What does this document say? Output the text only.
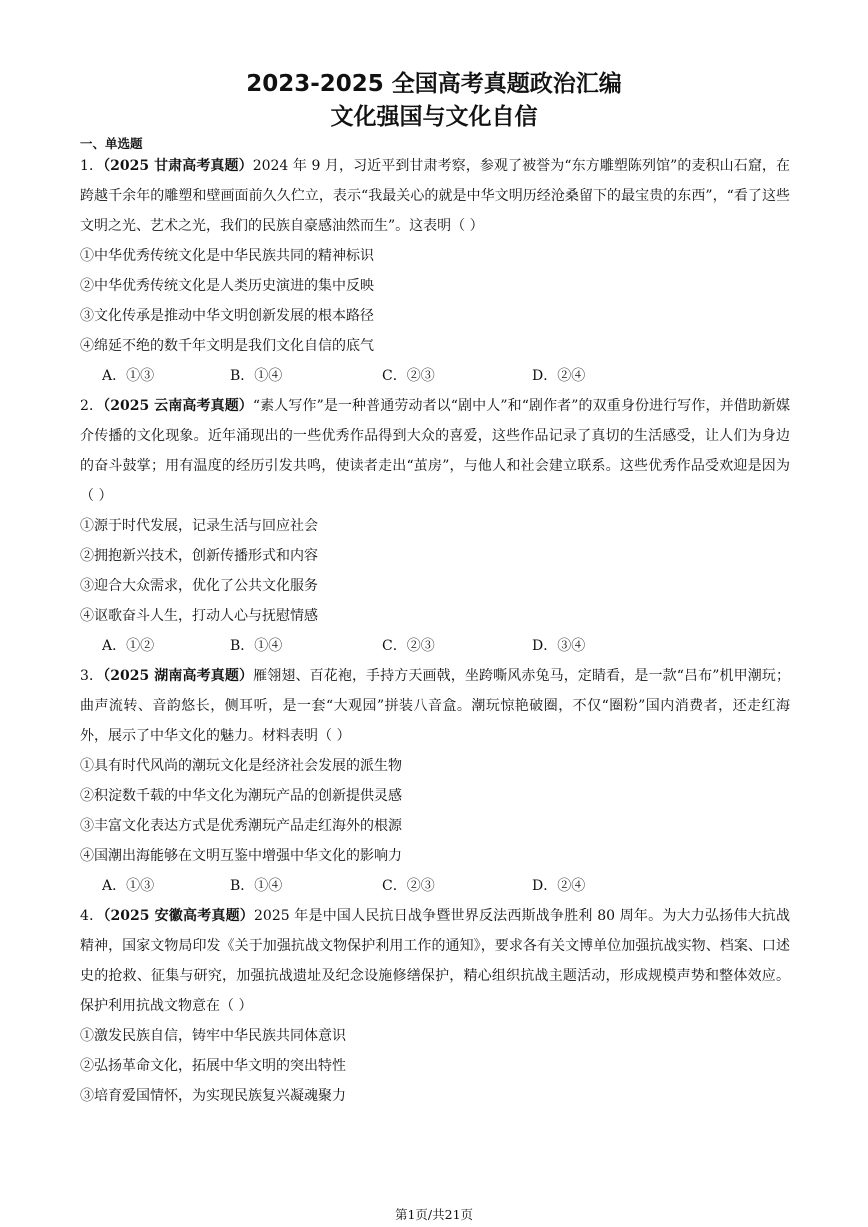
2023-2025 全国高考真题政治汇编
文化强国与文化自信
一、单选题

1．（2025 甘肃高考真题）2024 年 9 月，习近平到甘肃考察，参观了被誉为“东方雕塑陈列馆”的麦积山石窟，在跨越千余年的雕塑和壁画面前久久伫立，表示“我最关心的就是中华文明历经沧桑留下的最宝贵的东西”，“看了这些文明之光、艺术之光，我们的民族自豪感油然而生”。这表明（ ）

①中华优秀传统文化是中华民族共同的精神标识

②中华优秀传统文化是人类历史演进的集中反映

③文化传承是推动中华文明创新发展的根本路径

④绵延不绝的数千年文明是我们文化自信的底气

A．①③	B．①④	C．②③	D．②④

2．（2025 云南高考真题）“素人写作”是一种普通劳动者以“剧中人”和“剧作者”的双重身份进行写作，并借助新媒介传播的文化现象。近年涌现出的一些优秀作品得到大众的喜爱，这些作品记录了真切的生活感受，让人们为身边的奋斗鼓掌；用有温度的经历引发共鸣，使读者走出“茧房”，与他人和社会建立联系。这些优秀作品受欢迎是因为（ ）

①源于时代发展，记录生活与回应社会

②拥抱新兴技术，创新传播形式和内容

③迎合大众需求，优化了公共文化服务

④讴歌奋斗人生，打动人心与抚慰情感

A．①②	B．①④	C．②③	D．③④

3．（2025 湖南高考真题）雁翎翅、百花袍，手持方天画戟，坐跨嘶风赤兔马，定睛看，是一款“吕布”机甲潮玩；曲声流转、音韵悠长，侧耳听，是一套“大观园”拼装八音盒。潮玩惊艳破圈，不仅“圈粉”国内消费者，还走红海外，展示了中华文化的魅力。材料表明（ ）

①具有时代风尚的潮玩文化是经济社会发展的派生物

②积淀数千载的中华文化为潮玩产品的创新提供灵感

③丰富文化表达方式是优秀潮玩产品走红海外的根源

④国潮出海能够在文明互鉴中增强中华文化的影响力

A．①③	B．①④	C．②③	D．②④

4．（2025 安徽高考真题）2025 年是中国人民抗日战争暨世界反法西斯战争胜利 80 周年。为大力弘扬伟大抗战精神，国家文物局印发《关于加强抗战文物保护利用工作的通知》，要求各有关文博单位加强抗战实物、档案、口述史的抢救、征集与研究，加强抗战遗址及纪念设施修缮保护，精心组织抗战主题活动，形成规模声势和整体效应。保护利用抗战文物意在（ ）

①激发民族自信，铸牢中华民族共同体意识

②弘扬革命文化，拓展中华文明的突出特性

③培育爱国情怀，为实现民族复兴凝魂聚力

第1页/共21页
